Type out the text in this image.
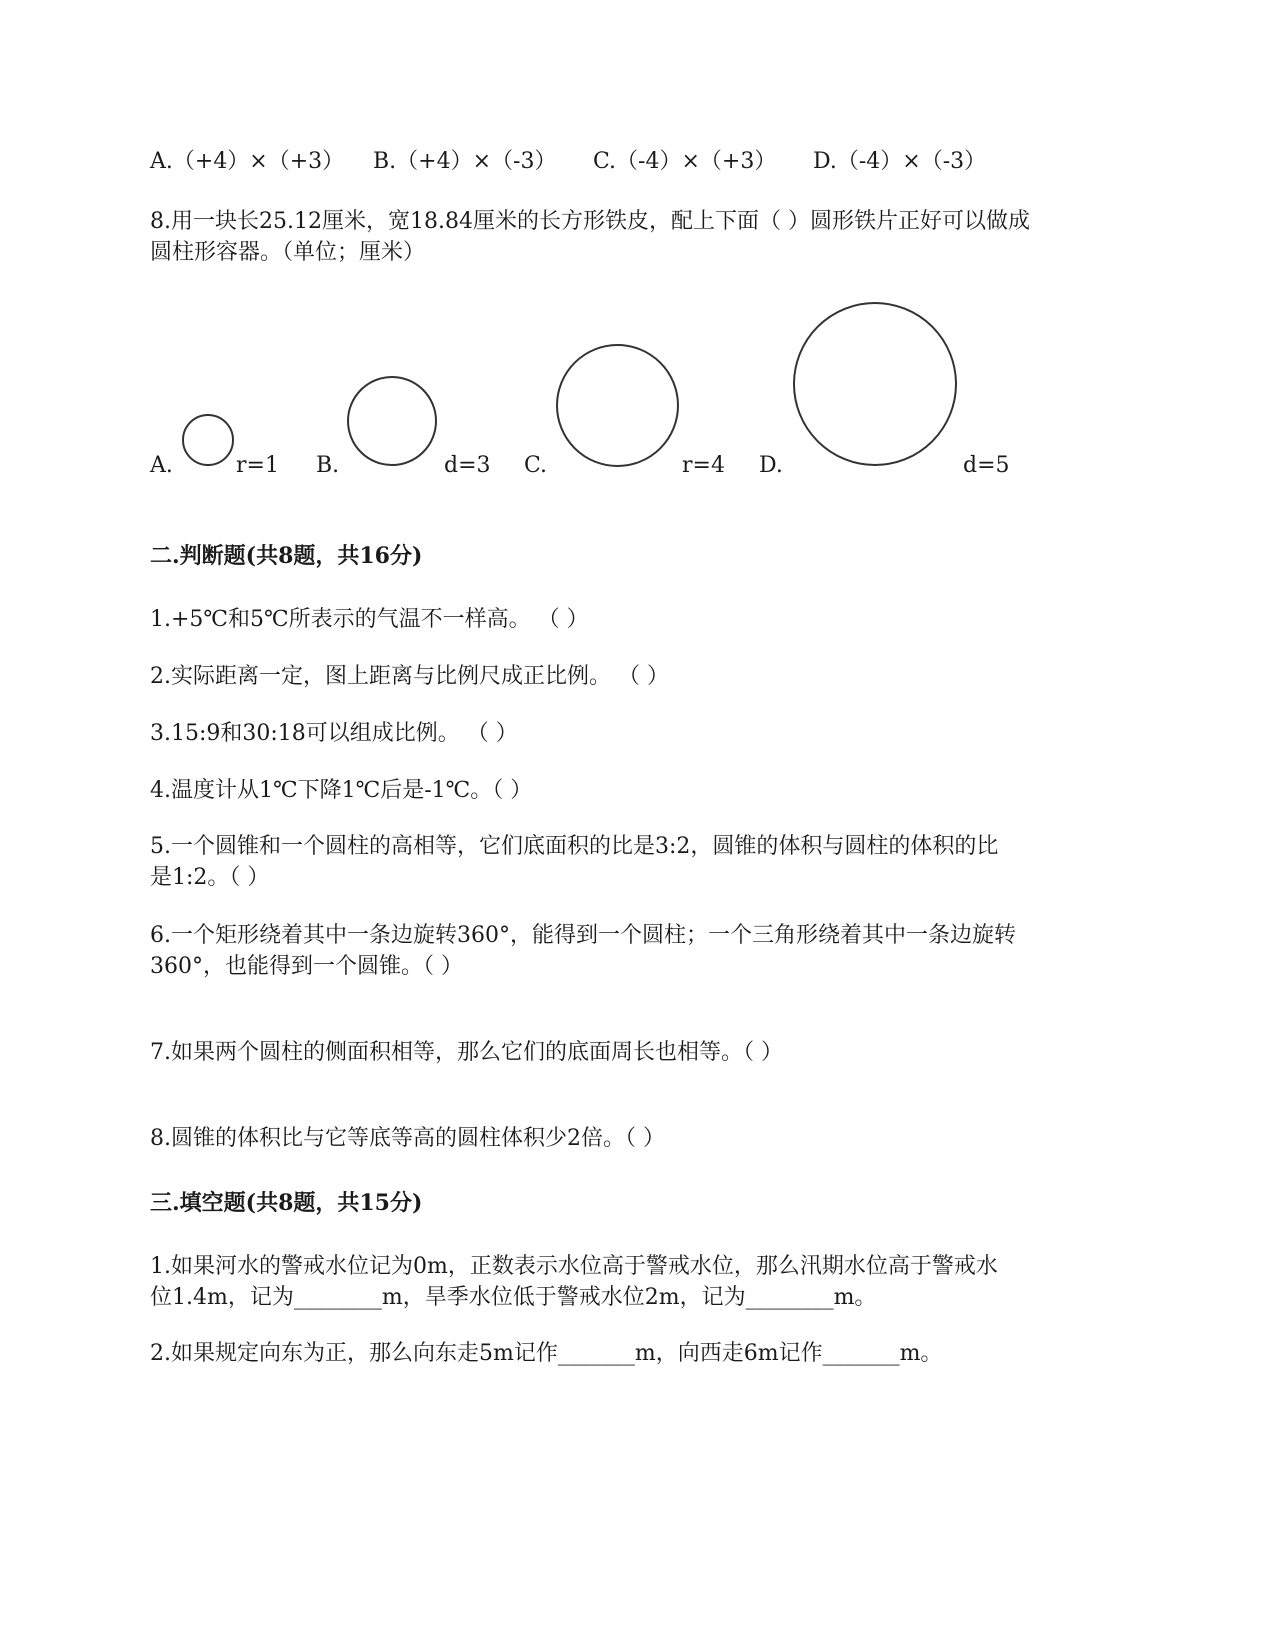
A.（+4）×（+3） B.（+4）×（-3） C.（-4）×（+3） D.（-4）×（-3）
8.用一块长25.12厘米，宽18.84厘米的长方形铁皮，配上下面（ ）圆形铁片正好可以做成
圆柱形容器。（单位；厘米）
A.	r=1 B.	d=3 C.	r=4 D.	d=5
二.判断题(共8题，共16分)
1.+5℃和5℃所表示的气温不一样高。 （ ）
2.实际距离一定，图上距离与比例尺成正比例。 （ ）
3.15:9和30:18可以组成比例。 （ ）
4.温度计从1℃下降1℃后是-1℃。（ ）
5.一个圆锥和一个圆柱的高相等，它们底面积的比是3:2，圆锥的体积与圆柱的体积的比
是1:2。（ ）
6.一个矩形绕着其中一条边旋转360°，能得到一个圆柱；一个三角形绕着其中一条边旋转
360°，也能得到一个圆锥。（ ）
7.如果两个圆柱的侧面积相等，那么它们的底面周长也相等。（ ）
8.圆锥的体积比与它等底等高的圆柱体积少2倍。（ ）
三.填空题(共8题，共15分)
1.如果河水的警戒水位记为0m，正数表示水位高于警戒水位，那么汛期水位高于警戒水
位1.4m，记为________m，旱季水位低于警戒水位2m，记为________m。
2.如果规定向东为正，那么向东走5m记作_______m，向西走6m记作_______m。
